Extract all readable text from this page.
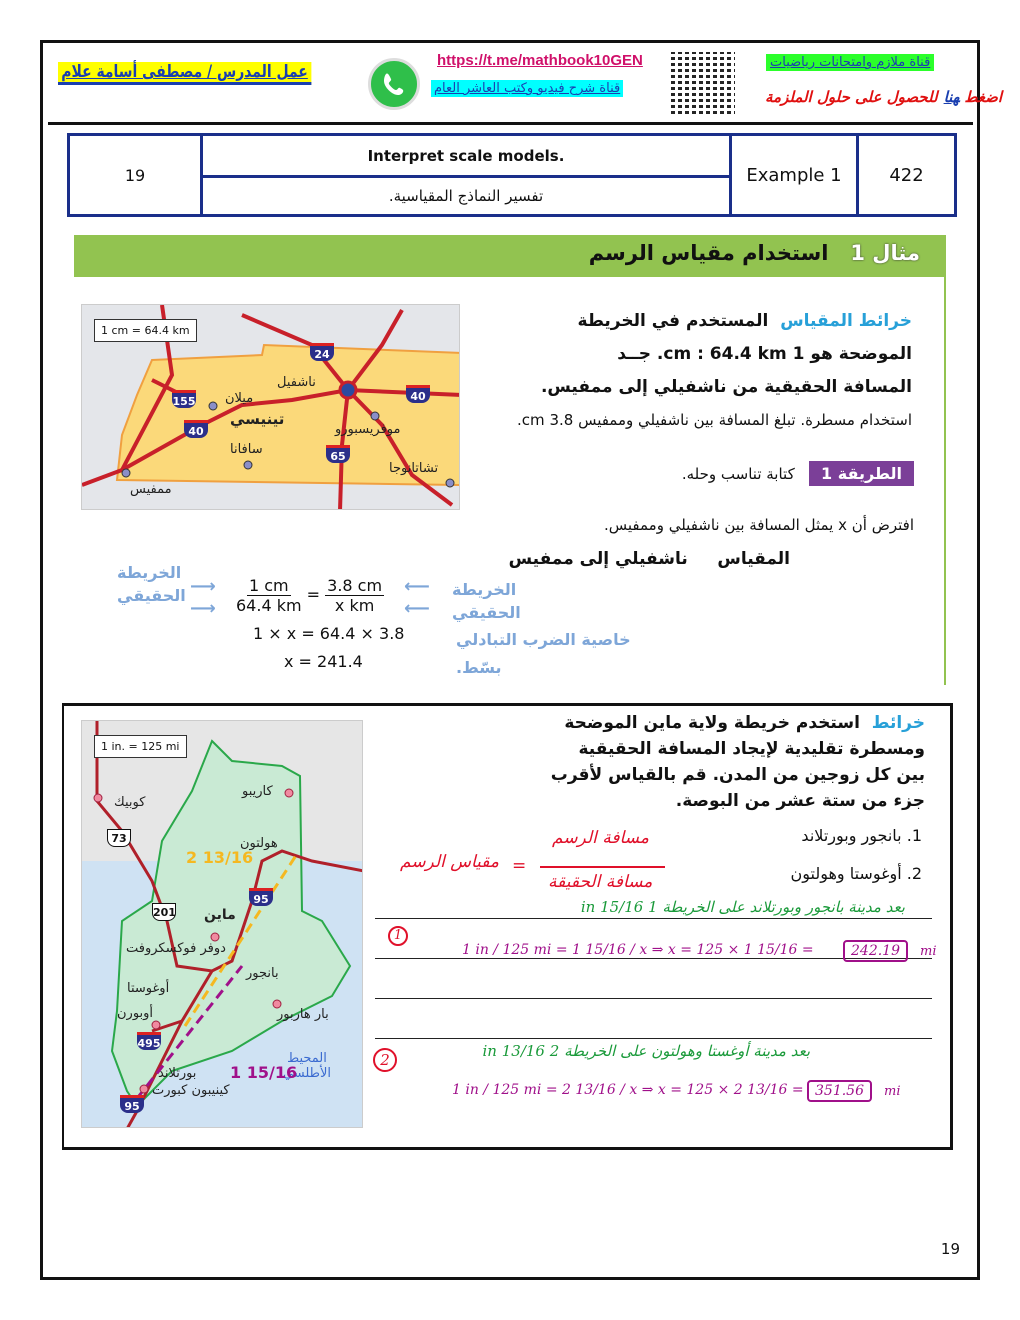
عمل المدرس / مصطفى أسامة علام
https://t.me/mathbook10GEN
قناة شرح فيديو وكتب العاشر العام
قناة ملازم وامتحانات رياضيات
اضغطهناللحصول على حلول الملزمة
19	Interpret scale models.	Example 1	422
تفسير النماذج المقياسية.
مثال 1   استخدام مقياس الرسم
1 cm = 64.4 km
24
155
40
40
65
ناشفيل
ميلان
تينيسي
سافانا
موفريسبورو
تشاتانوجا
ممفيس
خرائط المقياس  المستخدم في الخريطة
الموضحة هو 1 cm : 64.4 km. جــد
المسافة الحقيقية من ناشفيلي إلى ممفيس.
استخدام مسطرة. تبلغ المسافة بين ناشفيلي وممفيس 3.8 cm.
الطريقة 1   كتابة تناسب وحله.
افترض أن x يمثل المسافة بين ناشفيلي وممفيس.
المقياس     ناشفيلي إلى ممفيس
الخريطة
الحقيقي ⟶
⟶ $\frac{1 cm}{64.4 km} = \frac{3.8 cm}{\text{x km}}$ ⟵
⟵
الخريطة
الحقيقي
1 × x = 64.4 × 3.8
x = 241.4
خاصية الضرب التبادلي
بسّط.
1 in. = 125 mi
73
201
95
495
95
كوبيك
كاريبو
هولتون
ماين
دوفر فوكسكروفت
بانجور
أوغوستا
أوبورن	بار هاربور
بورتلاند
كينيبون كبورت
المحيط الأطلسي
2 13/16
1 15/16
خرائط  استخدم خريطة ولاية ماين الموضحة
ومسطرة تقليدية لإيجاد المسافة الحقيقية
بين كل زوجين من المدن. قم بالقياس لأقرب
جزء من ستة عشر من البوصة.
1. بانجور وبورتلاند
2. أوغوستا وهولتون
مقياس الرسم =
مسافة الرسم
مسافة الحقيقة
بعد مدينة بانجور وبورتلاند على الخريطة 1 15/16 in
1
1 in / 125 mi = 1 15/16 / x ⇒ x = 125 × 1 15/16 =	242.19	mi
بعد مدينة أوغستا وهولتون على الخريطة 2 13/16 in
2
1 in / 125 mi = 2 13/16 / x ⇒ x = 125 × 2 13/16 = 351.56	mi
19
